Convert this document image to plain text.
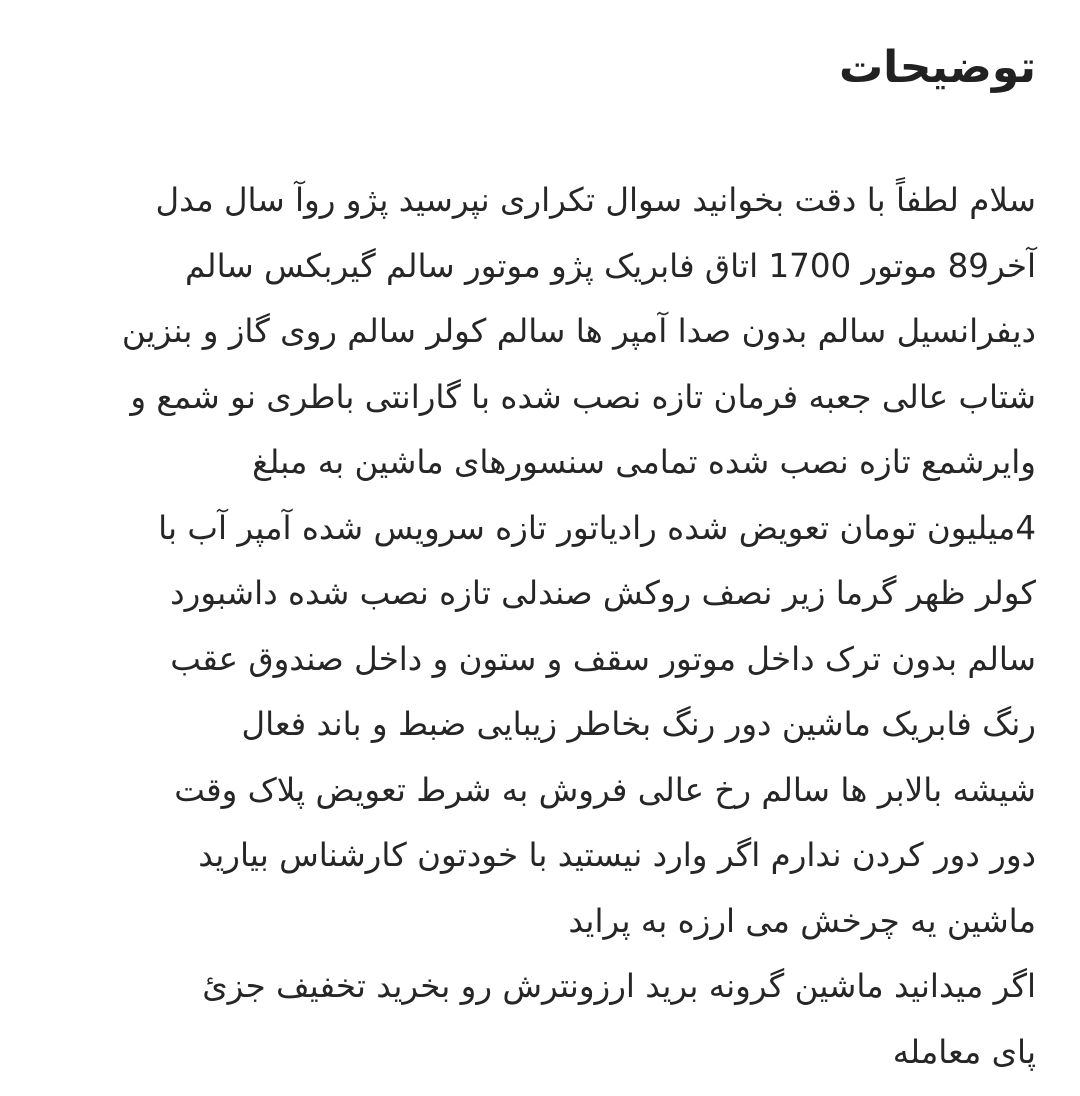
توضیحات
سلام لطفاً با دقت بخوانید سوال تکراری نپرسید پژو روآ سال مدل
آخر89 موتور 1700 اتاق فابریک پژو موتور سالم گیربکس سالم
دیفرانسیل سالم بدون صدا آمپر ها سالم کولر سالم روی گاز و بنزین
شتاب عالی جعبه فرمان تازه نصب شده با گارانتی باطری نو شمع و
وایرشمع تازه نصب شده تمامی سنسورهای ماشین به مبلغ
4میلیون تومان تعویض شده رادیاتور تازه سرویس شده آمپر آب با
کولر ظهر گرما زیر نصف روکش صندلی تازه نصب شده داشبورد
سالم بدون ترک داخل موتور سقف و ستون و داخل صندوق عقب
رنگ فابریک ماشین دور رنگ بخاطر زیبایی ضبط و باند فعال
شیشه بالابر ها سالم رخ عالی فروش به شرط تعویض پلاک وقت
دور دور کردن ندارم اگر وارد نیستید با خودتون کارشناس بیارید
ماشین یه چرخش می ارزه به پراید
اگر میدانید ماشین گرونه برید ارزونترش رو بخرید تخفیف جزئ
پای معامله
